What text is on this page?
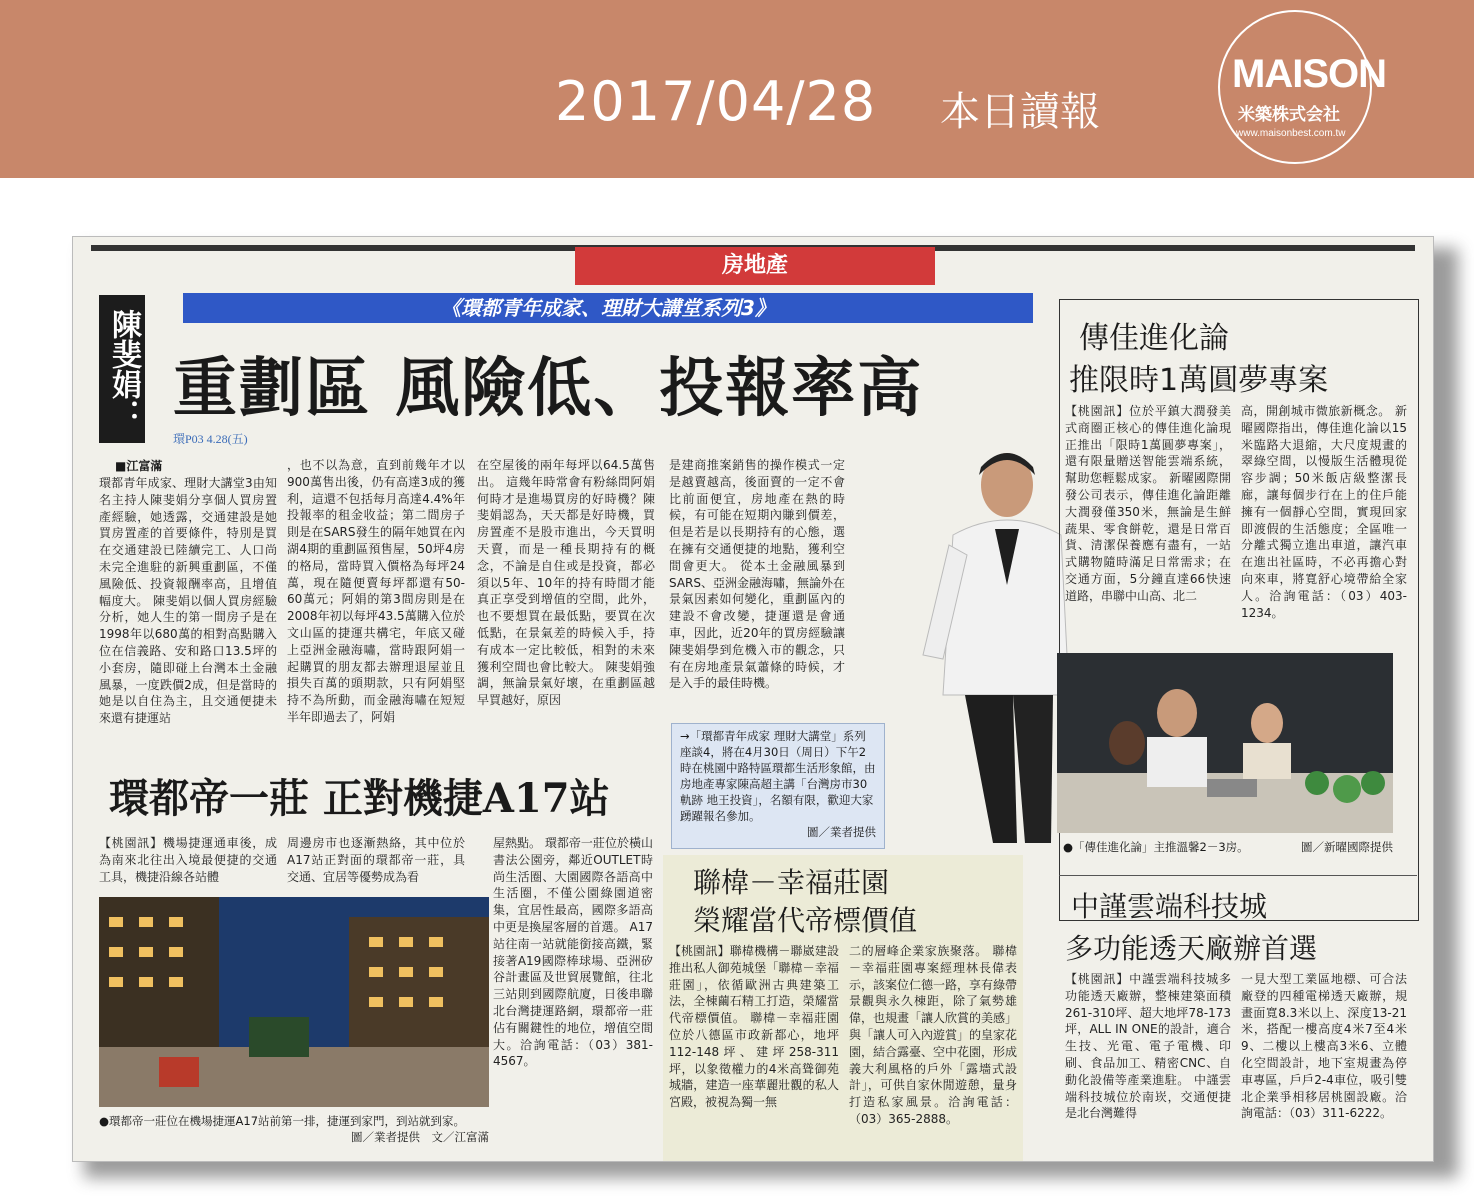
2017/04/28 本日讀報
MAISON
米築株式会社
www.maisonbest.com.tw
房地產
《環都青年成家、理財大講堂系列3》
陳斐娟： 重劃區 風險低、投報率高
環P03 4.28(五)
■江富滿
環都青年成家、理財大講堂3由知名主持人陳斐娟分享個人買房置產經驗，她透露，交通建設是她買房置產的首要條件，特別是買在交通建設已陸續完工、人口尚未完全進駐的新興重劃區，不僅風險低、投資報酬率高，且增值幅度大。 陳斐娟以個人買房經驗分析，她人生的第一間房子是在1998年以680萬的相對高點購入位在信義路、安和路口13.5坪的小套房，隨即碰上台灣本土金融風暴，一度跌價2成，但是當時的她是以自住為主，且交通便捷未來還有捷運站
，也不以為意，直到前幾年才以900萬售出後，仍有高達3成的獲利，這還不包括每月高達4.4%年投報率的租金收益；第二間房子則是在SARS發生的隔年她買在內湖4期的重劃區預售屋，50坪4房的格局，當時買入價格為每坪24萬，現在隨便賣每坪都還有50-60萬元；阿娟的第3間房則是在2008年初以每坪43.5萬購入位於文山區的捷運共構宅，年底又碰上亞洲金融海嘯，當時跟阿娟一起購買的朋友都去辦理退屋並且損失百萬的頭期款，只有阿娟堅持不為所動，而金融海嘯在短短半年即過去了，阿娟
在空屋後的兩年每坪以64.5萬售出。 這幾年時常會有粉絲問阿娟何時才是進場買房的好時機？陳斐娟認為，天天都是好時機，買房置產不是股市進出，今天買明天賣，而是一種長期持有的概念，不論是自住或是投資，都必須以5年、10年的持有時間才能真正享受到增值的空間，此外，也不要想買在最低點，要買在次低點，在景氣差的時候入手，持有成本一定比較低，相對的未來獲利空間也會比較大。 陳斐娟強調，無論景氣好壞，在重劃區越早買越好，原因
是建商推案銷售的操作模式一定是越賣越高，後面賣的一定不會比前面便宜，房地產在熱的時候，有可能在短期內賺到價差，但是若是以長期持有的心態，選在擁有交通便捷的地點，獲利空間會更大。 從本土金融風暴到SARS、亞洲金融海嘯，無論外在景氣因素如何變化，重劃區內的建設不會改變，捷運還是會通車，因此，近20年的買房經驗讓陳斐娟學到危機入市的觀念，只有在房地產景氣蕭條的時候，才是入手的最佳時機。
→「環都青年成家 理財大講堂」系列座談4，將在4月30日（周日）下午2時在桃園中路特區環都生活形象館，由房地產專家陳高超主講「台灣房市30軌跡 地王投資」，名額有限，歡迎大家踴躍報名參加。
圖／業者提供
環都帝一莊 正對機捷A17站
【桃園訊】機場捷運通車後，成為南來北往出入境最便捷的交通工具，機捷沿線各站體
周邊房市也逐漸熱絡，其中位於A17站正對面的環都帝一莊，具交通、宜居等優勢成為看
屋熱點。 環都帝一莊位於橫山書法公園旁，鄰近OUTLET時尚生活圈、大園國際各語高中生活圈，不僅公園綠園道密集，宜居性最高，國際多語高中更是換屋客層的首選。 A17站往南一站就能銜接高鐵，緊接著A19國際棒球場、亞洲矽谷計畫區及世貿展覽館，往北三站則到國際航廈，日後串聯北台灣捷運路網，環都帝一莊佔有關鍵性的地位，增值空間大。洽詢電話：（03）381-4567。
●環都帝一莊位在機場捷運A17站前第一排，捷運到家門，到站就到家。
圖／業者提供　文／江富滿
聯椲－幸福莊園
榮耀當代帝標價值
【桃園訊】聯椲機構－聯崴建設推出私人御苑城堡「聯椲－幸福莊園」，依循歐洲古典建築工法，全棟繭石精工打造，榮耀當代帝標價值。 聯椲－幸福莊園位於八德區市政新都心，地坪112-148坪、建坪258-311坪，以象徵權力的4米高聳御苑城牆，建造一座華麗壯觀的私人宮殿，被視為獨一無
二的層峰企業家族聚落。 聯椲－幸福莊園專案經理林長偉表示，該案位仁德一路，享有綠帶景觀與永久棟距，除了氣勢雄偉，也規畫「讓人欣賞的美感」與「讓人可入內遊賞」的皇家花園，結合露臺、空中花園，形成義大利風格的戶外「露墻式設計」，可供自家休閒遊憩，量身打造私家風景。洽詢電話：（03）365-2888。
傳佳進化論
推限時1萬圓夢專案
【桃園訊】位於平鎮大潤發美式商圈正核心的傳佳進化論現正推出「限時1萬圓夢專案」，還有限量贈送智能雲端系統，幫助您輕鬆成家。 新曜國際開發公司表示，傳佳進化論距離大潤發僅350米，無論是生鮮蔬果、零食餅乾，還是日常百貨、清潔保養應有盡有，一站式購物隨時滿足日常需求；在交通方面，5分鐘直達66快速道路，串聯中山高、北二
高，開創城市微旅新概念。 新曜國際指出，傳佳進化論以15米臨路大退縮，大尺度規畫的翠綠空間，以慢版生活體現從容步調；50米飯店級整潔長廊，讓每個步行在上的住戶能擁有一個靜心空間，實現回家即渡假的生活態度；全區唯一分離式獨立進出車道，讓汽車在進出社區時，不必再擔心對向來車，將寬舒心境帶給全家人。洽詢電話：（03）403-1234。
●「傳佳進化論」主推溫馨2－3房。	圖／新曜國際提供
中謹雲端科技城
多功能透天廠辦首選
【桃園訊】中謹雲端科技城多功能透天廠辦，整棟建築面積261-310坪、超大地坪78-173坪，ALL IN ONE的設計，適合生技、光電、電子電機、印刷、食品加工、精密CNC、自動化設備等產業進駐。 中謹雲端科技城位於南崁，交通便捷是北台灣難得
一見大型工業區地標、可合法廠登的四種電梯透天廠辦，規畫面寬8.3米以上、深度13-21米，搭配一樓高度4米7至4米9、二樓以上樓高3米6、立體化空間設計，地下室規畫為停車專區，戶戶2-4車位，吸引雙北企業爭相移居桃園設廠。洽詢電話：（03）311-6222。
